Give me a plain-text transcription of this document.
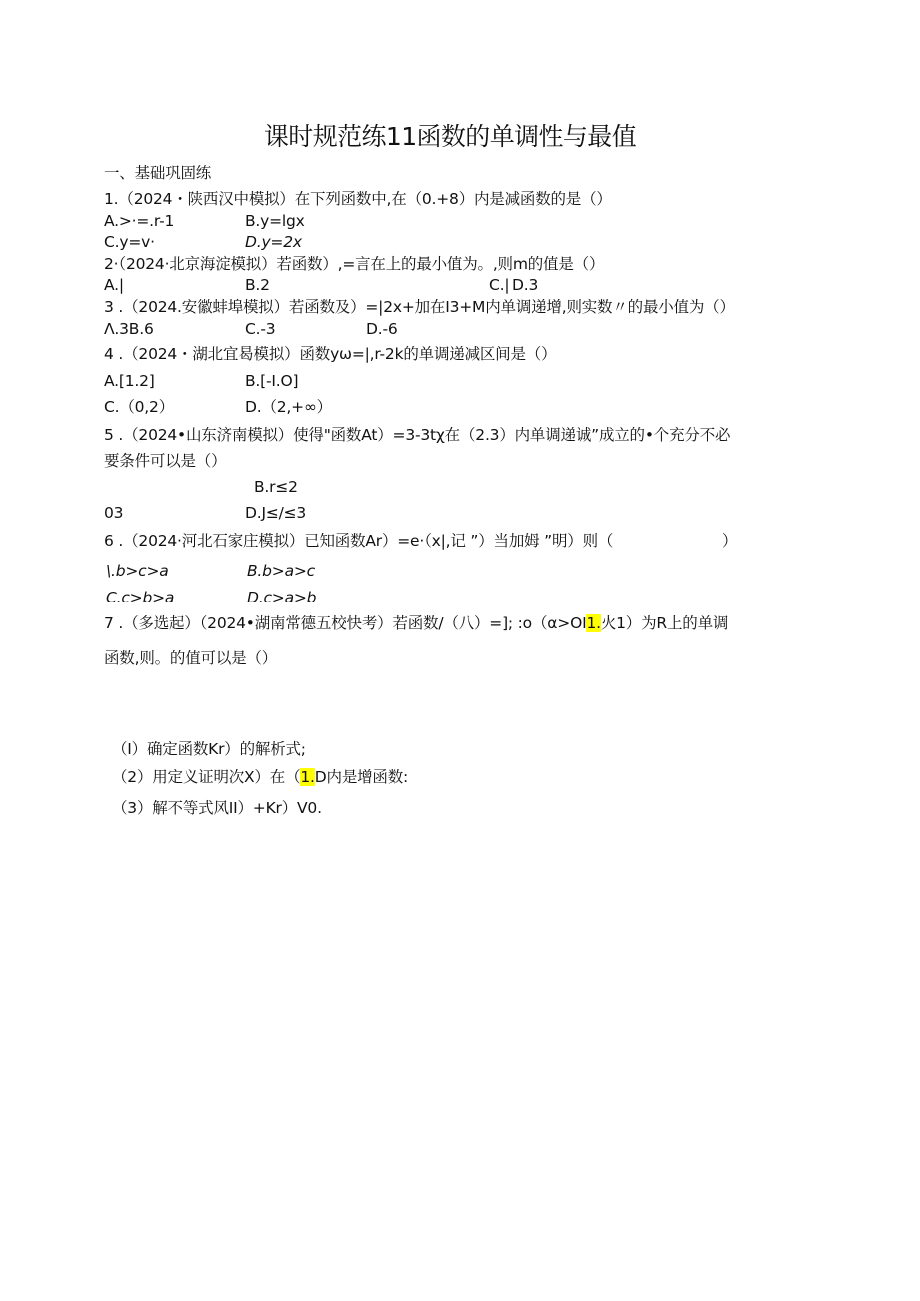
课时规范练11函数的单调性与最值
一、基础巩固练
1.（2024・陕西汉中模拟）在下列函数中,在（0.+8）内是减函数的是（）
A.>·=.r-1	B.y=lgx
C.y=v·	D.y=2x
2·（2024·北京海淀模拟）若函数）,=言在上的最小值为。,则m的值是（）
A.|	B.2	C.| D.3
3 .（2024.安徽蚌埠模拟）若函数及）=|2x+加在I3+M内单调递增,则实数〃的最小值为（）
Λ.3B.6	C.-3	D.-6
4 .（2024・湖北宜曷模拟）函数yω=|,r-2k的单调递减区间是（）
A.[1.2]	B.[-I.O]
C.（0,2）	D.（2,+∞）
5 .（2024•山东济南模拟）使得"函数At）=3-3tχ在（2.3）内单调递诚”成立的•个充分不必
要条件可以是（）
B.r≤2
03	D.J≤/≤3
6 .（2024·河北石家庄模拟）已知函数Ar）=e·（x|,记 ”）当加姆 ”明）则（	）
\.b>c>a	B.b>a>c
C.c>b>a	D.c>a>b
7 .（多选起）（2024•湖南常德五校快考）若函数/（八）=]; :o（α>OI1.火1）为R上的单调
函数,则。的值可以是（）
（I）确定函数Kr）的解析式;
（2）用定义证明次X）在（1.D内是增函数:
（3）解不等式风II）+Kr）V0.
